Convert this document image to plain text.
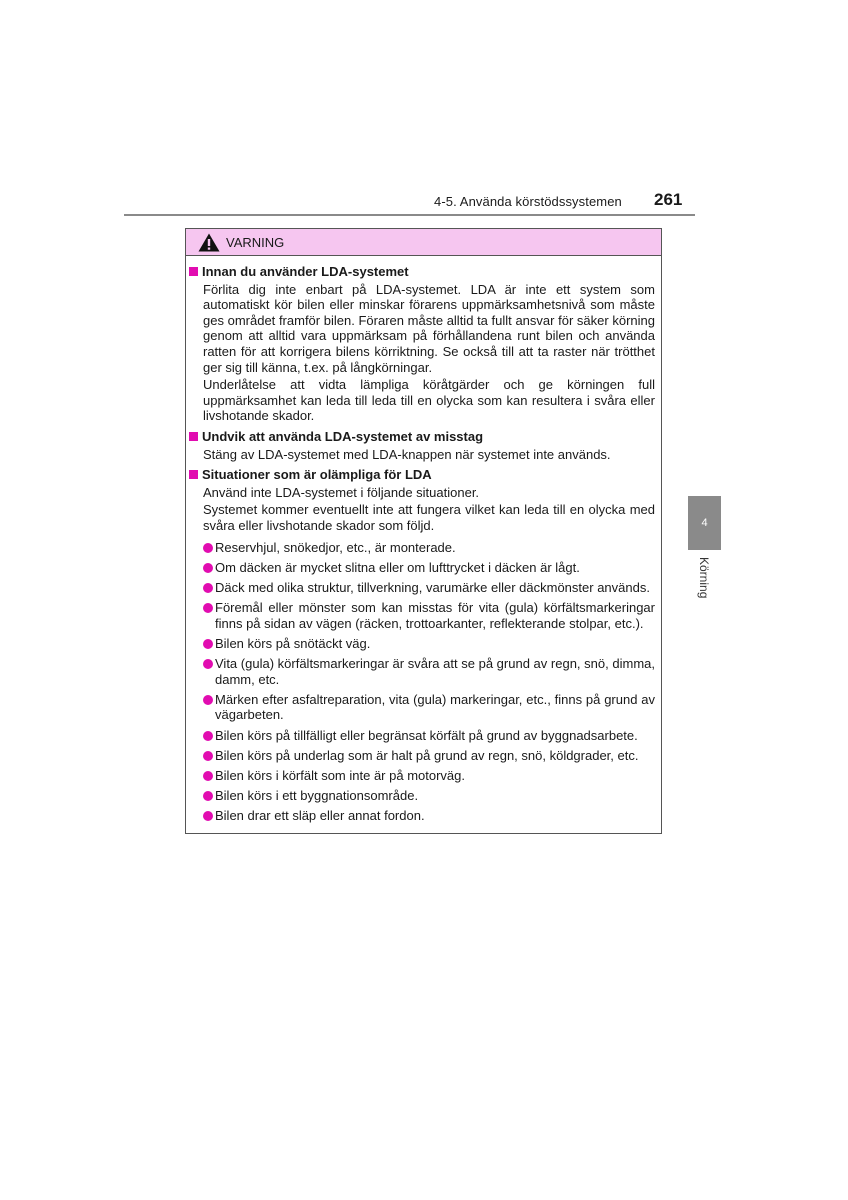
4-5. Använda körstödssystemen 261
VARNING
Innan du använder LDA-systemet

Förlita dig inte enbart på LDA-systemet. LDA är inte ett system som automatiskt kör bilen eller minskar förarens uppmärksamhetsnivå som måste ges området framför bilen. Föraren måste alltid ta fullt ansvar för säker körning genom att alltid vara uppmärksam på förhållandena runt bilen och använda ratten för att korrigera bilens körriktning. Se också till att ta raster när trötthet ger sig till känna, t.ex. på långkörningar.

Underlåtelse att vidta lämpliga köråtgärder och ge körningen full uppmärksamhet kan leda till leda till en olycka som kan resultera i svåra eller livshotande skador.

Undvik att använda LDA-systemet av misstag

Stäng av LDA-systemet med LDA-knappen när systemet inte används.

Situationer som är olämpliga för LDA

Använd inte LDA-systemet i följande situationer.

Systemet kommer eventuellt inte att fungera vilket kan leda till en olycka med svåra eller livshotande skador som följd.

Reservhjul, snökedjor, etc., är monterade.
Om däcken är mycket slitna eller om lufttrycket i däcken är lågt.
Däck med olika struktur, tillverkning, varumärke eller däckmönster används.
Föremål eller mönster som kan misstas för vita (gula) körfältsmarkeringar finns på sidan av vägen (räcken, trottoarkanter, reflekterande stolpar, etc.).
Bilen körs på snötäckt väg.
Vita (gula) körfältsmarkeringar är svåra att se på grund av regn, snö, dimma, damm, etc.
Märken efter asfaltreparation, vita (gula) markeringar, etc., finns på grund av vägarbeten.
Bilen körs på tillfälligt eller begränsat körfält på grund av byggnadsarbete.
Bilen körs på underlag som är halt på grund av regn, snö, köldgrader, etc.
Bilen körs i körfält som inte är på motorväg.
Bilen körs i ett byggnationsområde.
Bilen drar ett släp eller annat fordon.
4
Körning
